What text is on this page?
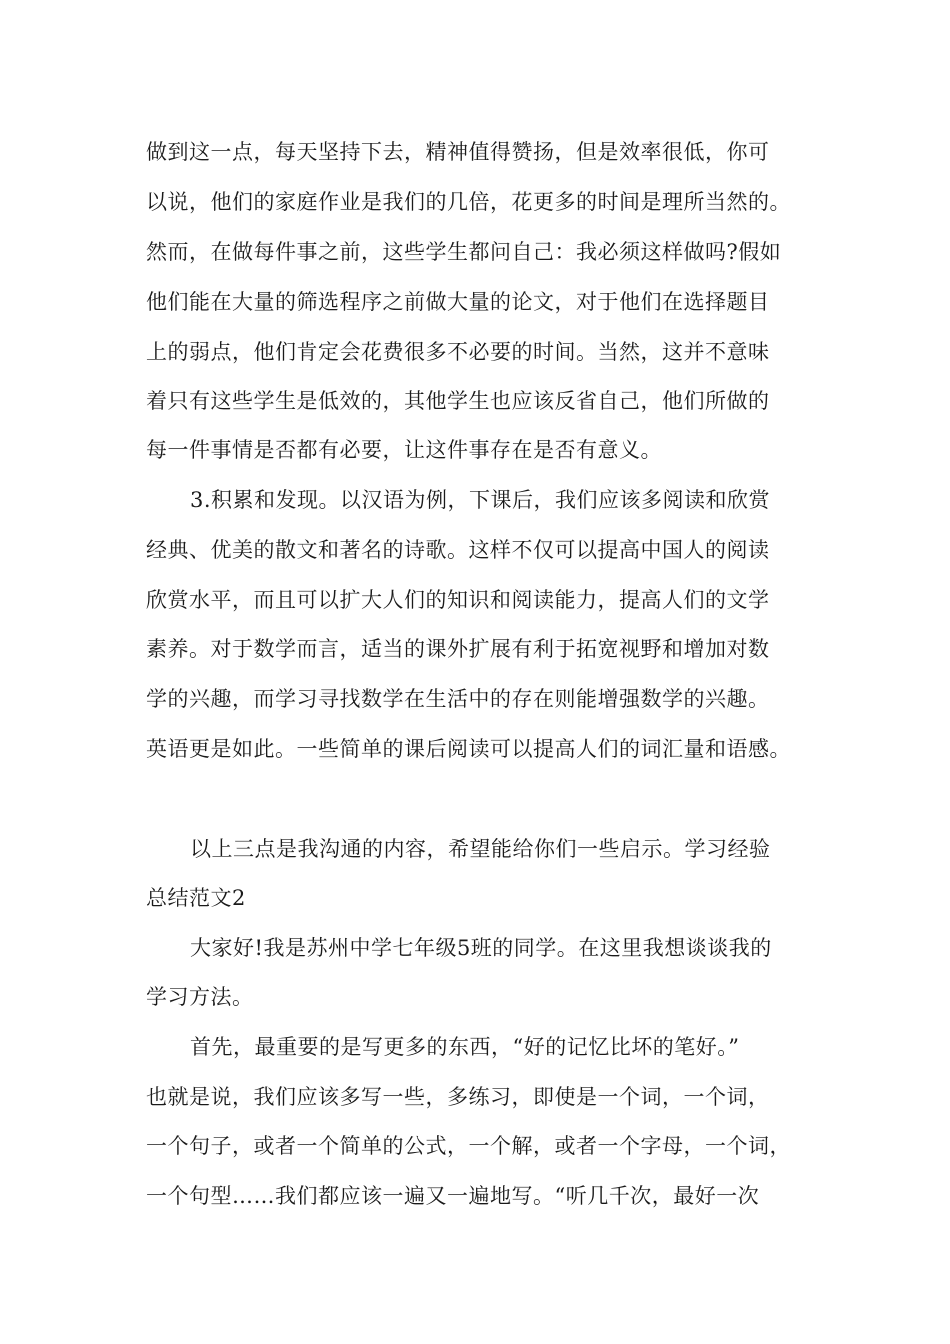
做到这一点，每天坚持下去，精神值得赞扬，但是效率很低，你可
以说，他们的家庭作业是我们的几倍，花更多的时间是理所当然的。
然而，在做每件事之前，这些学生都问自己：我必须这样做吗?假如
他们能在大量的筛选程序之前做大量的论文，对于他们在选择题目
上的弱点，他们肯定会花费很多不必要的时间。当然，这并不意味
着只有这些学生是低效的，其他学生也应该反省自己，他们所做的
每一件事情是否都有必要，让这件事存在是否有意义。
3.积累和发现。以汉语为例，下课后，我们应该多阅读和欣赏
经典、优美的散文和著名的诗歌。这样不仅可以提高中国人的阅读
欣赏水平，而且可以扩大人们的知识和阅读能力，提高人们的文学
素养。对于数学而言，适当的课外扩展有利于拓宽视野和增加对数
学的兴趣，而学习寻找数学在生活中的存在则能增强数学的兴趣。
英语更是如此。一些简单的课后阅读可以提高人们的词汇量和语感。
以上三点是我沟通的内容，希望能给你们一些启示。学习经验
总结范文2
大家好!我是苏州中学七年级5班的同学。在这里我想谈谈我的
学习方法。
首先，最重要的是写更多的东西，“好的记忆比坏的笔好。”
也就是说，我们应该多写一些，多练习，即使是一个词，一个词，
一个句子，或者一个简单的公式，一个解，或者一个字母，一个词，
一个句型……我们都应该一遍又一遍地写。“听几千次，最好一次
